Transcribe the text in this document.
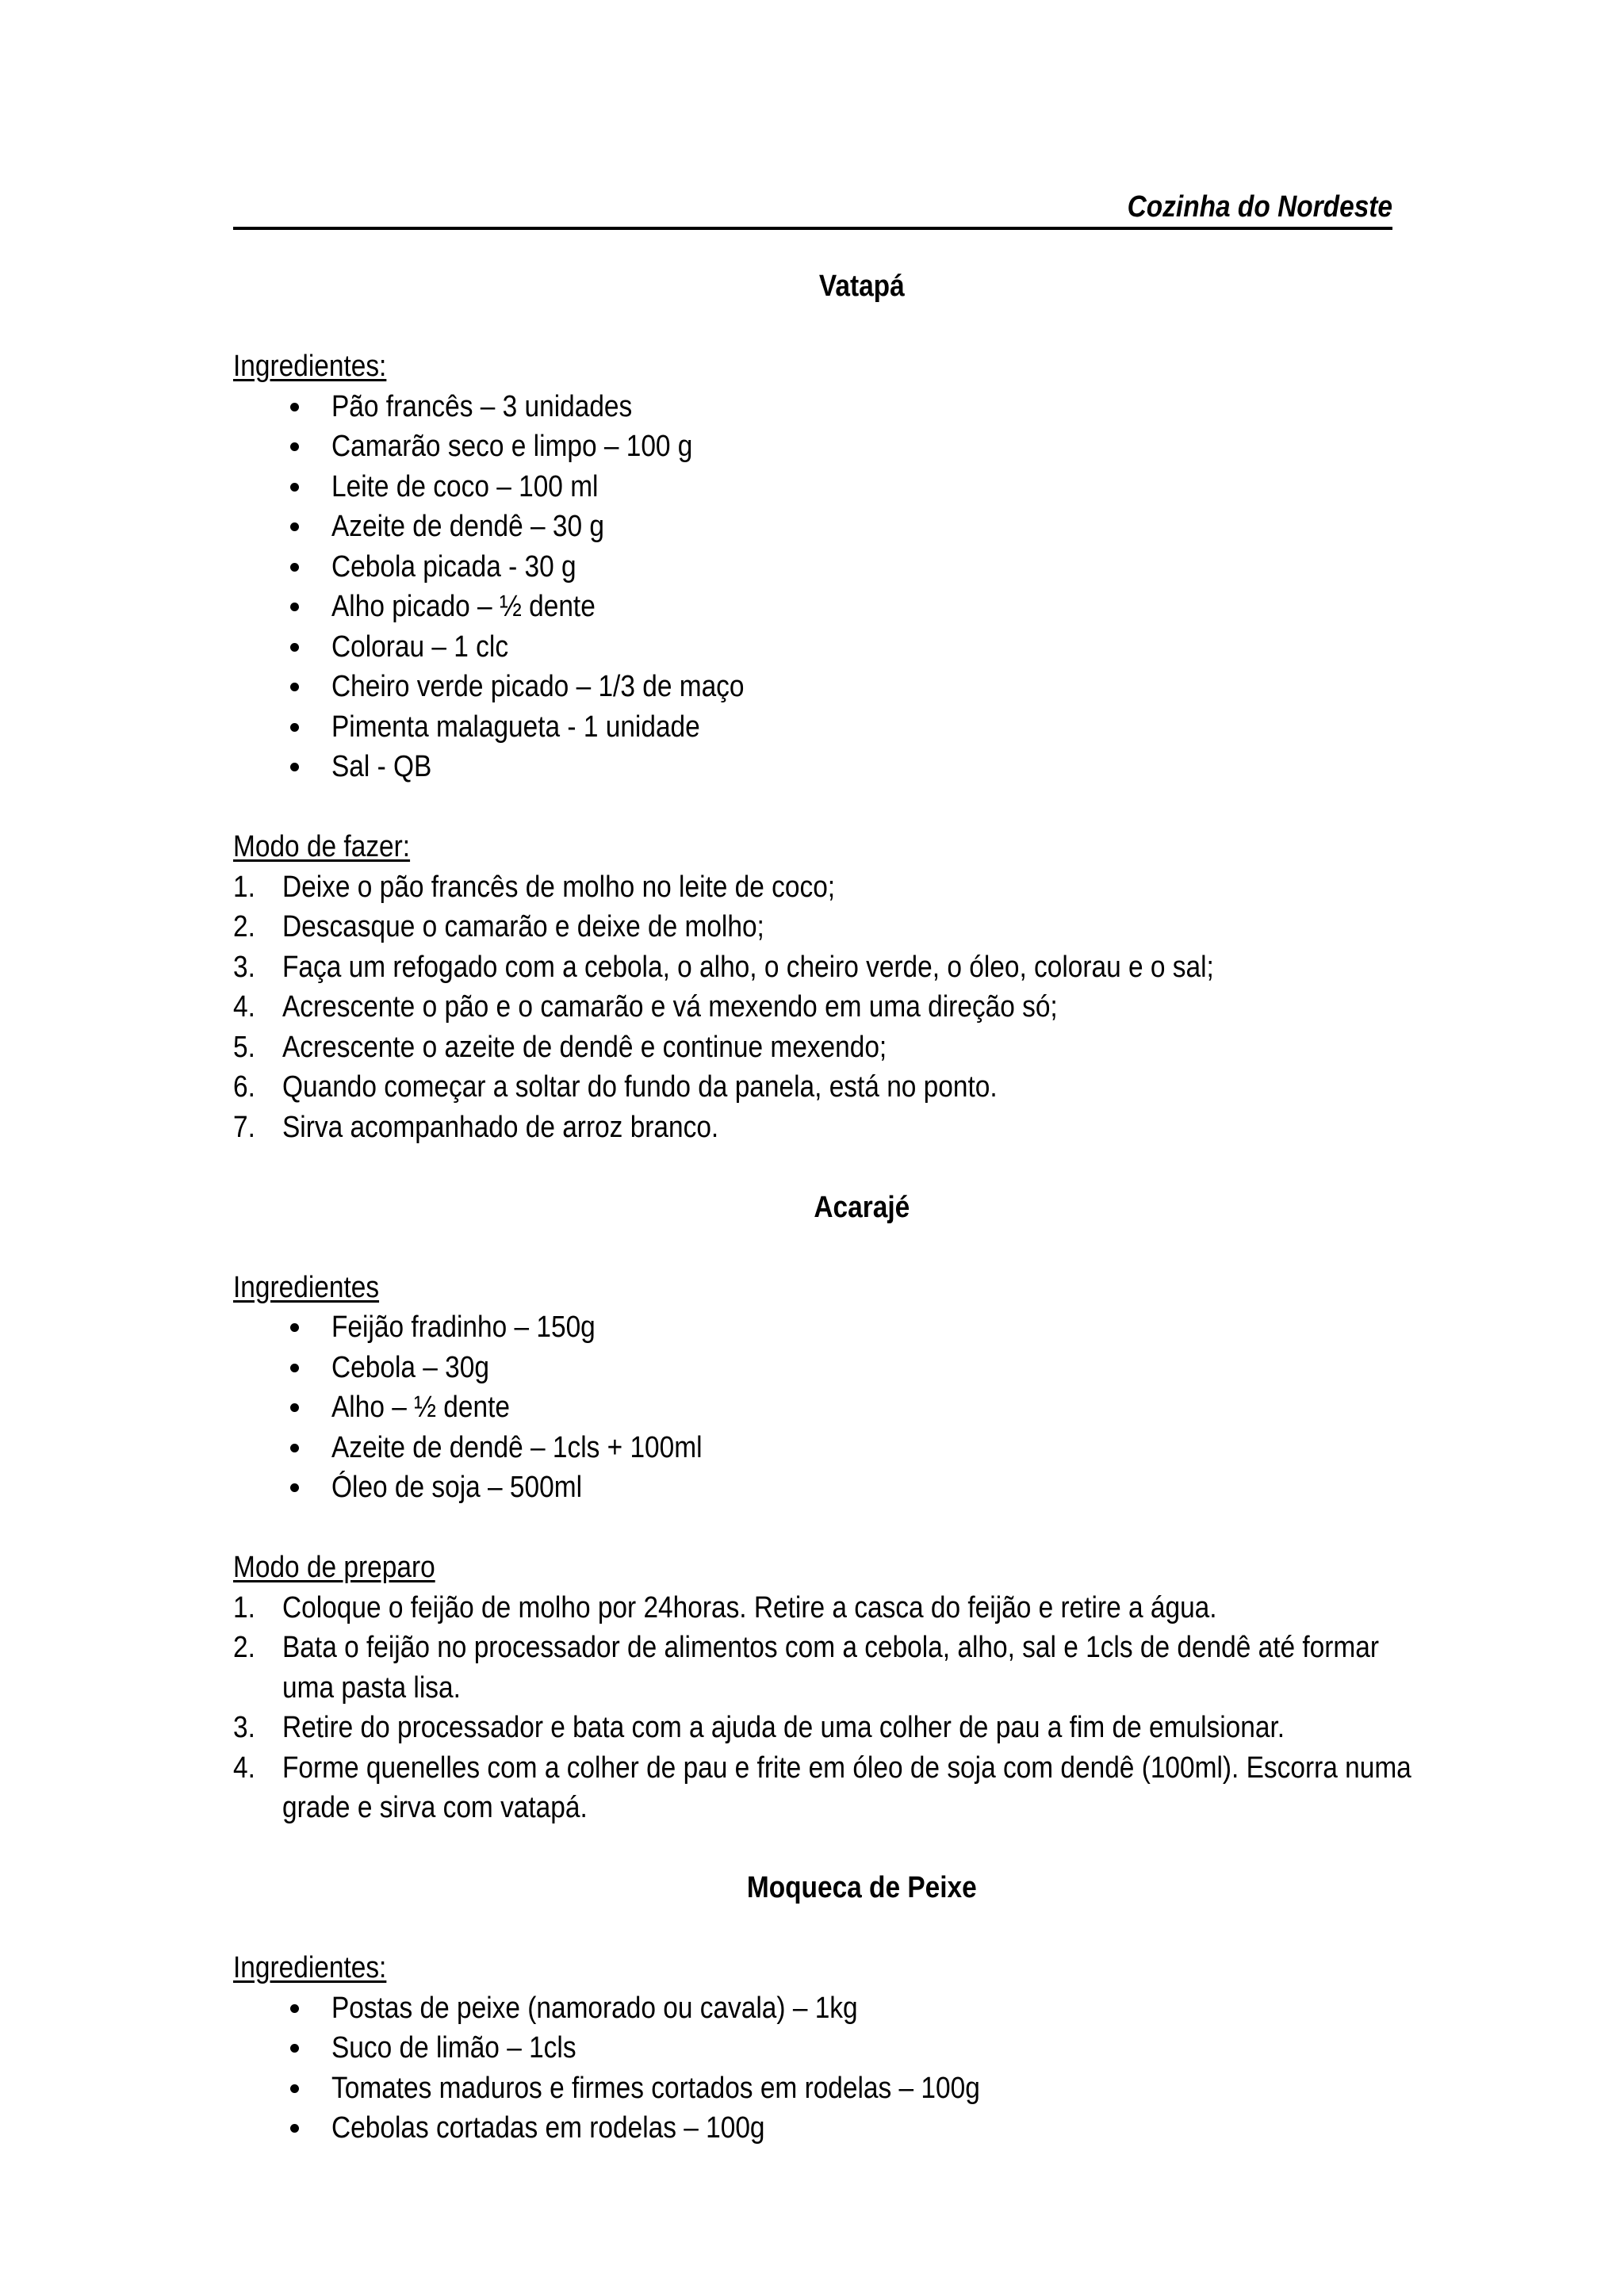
Cozinha do Nordeste

Vatapá

Ingredientes:

Pão francês – 3 unidades
Camarão seco e limpo – 100 g
Leite de coco – 100 ml
Azeite de dendê – 30 g
Cebola picada - 30 g
Alho picado – ½ dente
Colorau – 1 clc
Cheiro verde picado – 1/3 de maço
Pimenta malagueta - 1 unidade
Sal - QB

Modo de fazer:

1. Deixe o pão francês de molho no leite de coco;
2. Descasque o camarão e deixe de molho;
3. Faça um refogado com a cebola, o alho, o cheiro verde, o óleo, colorau e o sal;
4. Acrescente o pão e o camarão e vá mexendo em uma direção só;
5. Acrescente o azeite de dendê e continue mexendo;
6. Quando começar a soltar do fundo da panela, está no ponto.
7. Sirva acompanhado de arroz branco.

Acarajé

Ingredientes

Feijão fradinho – 150g
Cebola – 30g
Alho – ½ dente
Azeite de dendê – 1cls + 100ml
Óleo de soja – 500ml

Modo de preparo

1. Coloque o feijão de molho por 24horas. Retire a casca do feijão e retire a água.
2. Bata o feijão no processador de alimentos com a cebola, alho, sal e 1cls de dendê até formar uma pasta lisa.
3. Retire do processador e bata com a ajuda de uma colher de pau a fim de emulsionar.
4. Forme quenelles com a colher de pau e frite em óleo de soja com dendê (100ml). Escorra numa grade e sirva com vatapá.

Moqueca de Peixe

Ingredientes:

Postas de peixe (namorado ou cavala) – 1kg
Suco de limão – 1cls
Tomates maduros e firmes cortados em rodelas – 100g
Cebolas cortadas em rodelas – 100g
